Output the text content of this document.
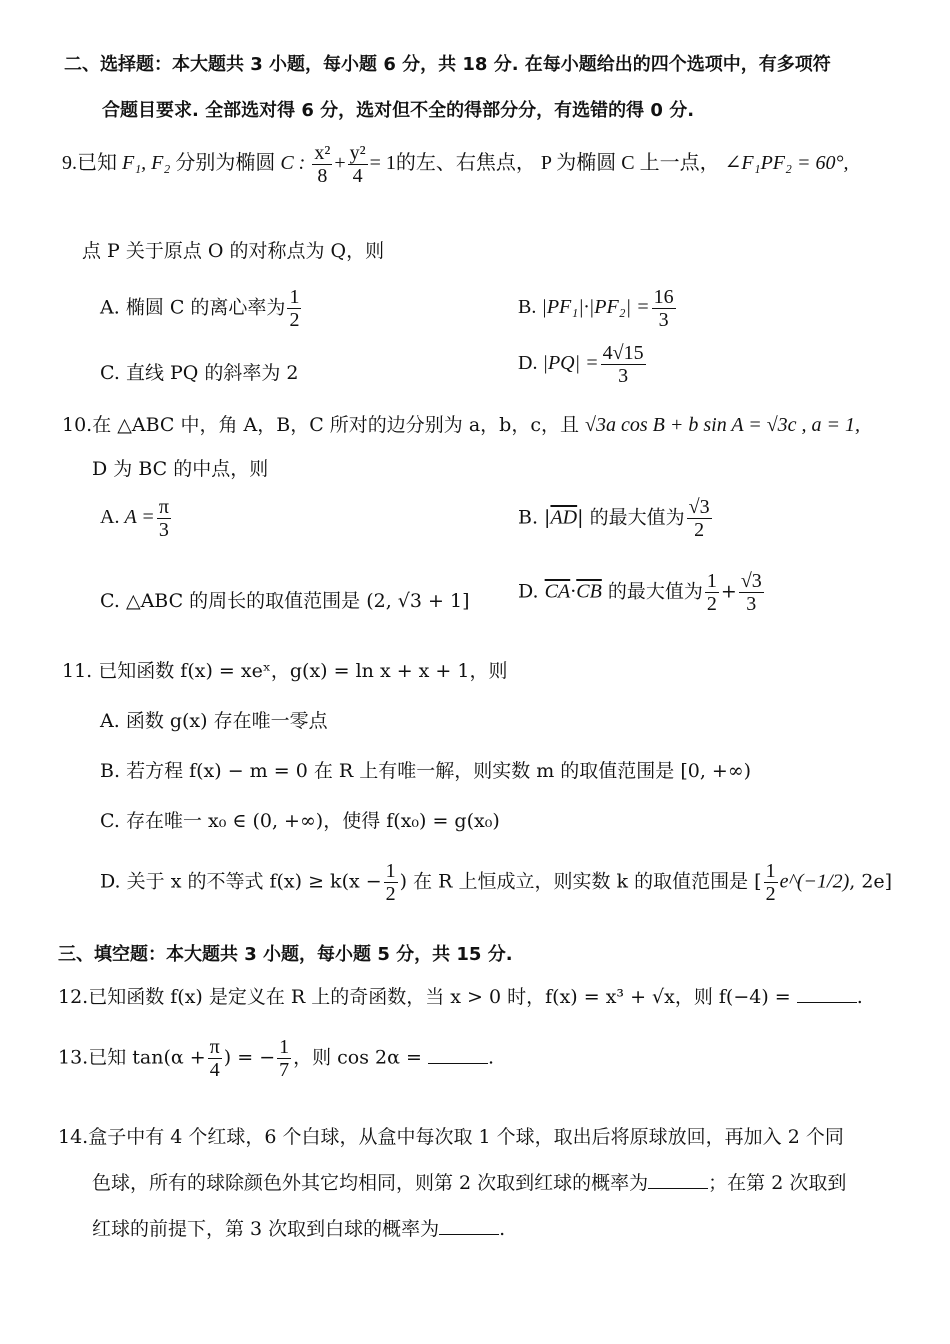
二、选择题：本大题共 3 小题，每小题 6 分，共 18 分. 在每小题给出的四个选项中，有多项符
合题目要求. 全部选对得 6 分，选对但不全的得部分分，有选错的得 0 分.
9.已知 F₁, F₂ 分别为椭圆 C : $\frac{\text{x²}}{8} + \frac{\text{y²}}{4} = 1$的左、右焦点， P 为椭圆 C 上一点， ∠F₁PF₂ = 60°,
点 P 关于原点 O 的对称点为 Q，则
A. 椭圆 C 的离心率为 $\frac{1}{2}$	B. $|PF_1|\cdot|PF_2| = \frac{16}{3}$
C. 直线 PQ 的斜率为 2	D. $|PQ| = \frac{4√15}{3}$
10.在 △ABC 中，角 A，B，C 所对的边分别为 a，b，c，且 √3a cos B + b sin A = √3c , a = 1,
D 为 BC 的中点，则
A. $A = \frac{\pi}{3}$	B. $|\overline{AD}|$ 的最大值为 $\frac{√3}{2}$
C. △ABC 的周长的取值范围是 (2, √3 + 1]	D. $\overline{CA}\cdot\overline{CB}$ 的最大值为 $\frac{1}{2} + \frac{√3}{3}$
11. 已知函数 f(x) = xeˣ，g(x) = ln x + x + 1，则
A. 函数 g(x) 存在唯一零点
B. 若方程 f(x) − m = 0 在 R 上有唯一解，则实数 m 的取值范围是 [0, +∞)
C. 存在唯一 x₀ ∈ (0, +∞)，使得 f(x₀) = g(x₀)
D. 关于 x 的不等式 $f(x) \ge k(x - \frac{1}{2}$ ) 在 R 上恒成立，则实数 k 的取值范围是 [ $\frac{1}{2}$ e^(−1/2), 2e]
三、填空题：本大题共 3 小题，每小题 5 分，共 15 分.
12.已知函数 f(x) 是定义在 R 上的奇函数，当 x > 0 时，f(x) = x³ + √x，则 f(−4) =	.
13.已知 $\tan(\alpha + \frac{\pi}{4}$ ) = − $\frac{1}{7}$ ，则 cos 2α =	.
14.盒子中有 4 个红球，6 个白球，从盒中每次取 1 个球，取出后将原球放回，再加入 2 个同
色球，所有的球除颜色外其它均相同，则第 2 次取到红球的概率为	；在第 2 次取到
红球的前提下，第 3 次取到白球的概率为	.
